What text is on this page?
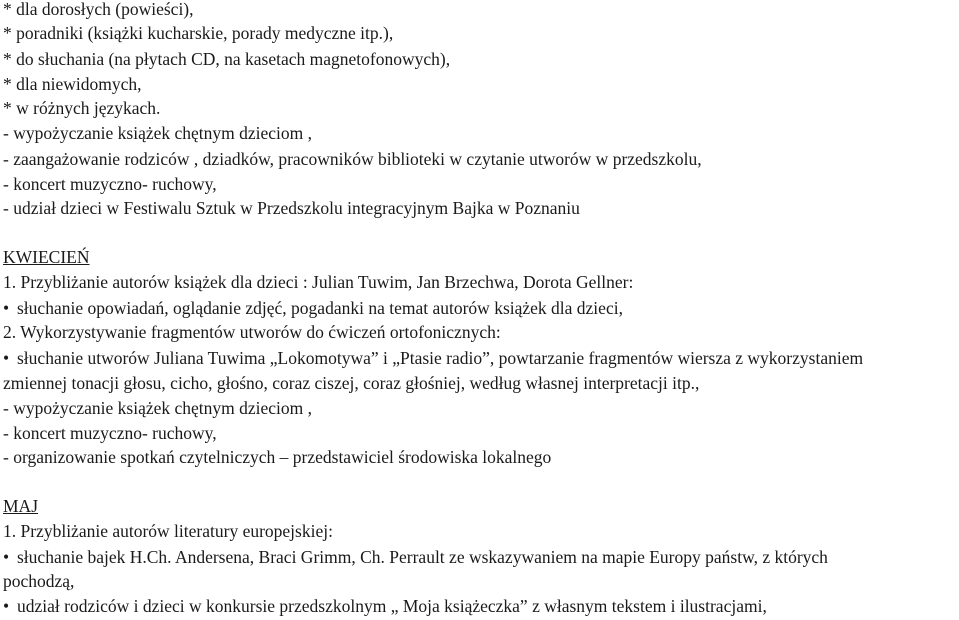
* dla dorosłych (powieści),
* poradniki (książki kucharskie, porady medyczne itp.),
* do słuchania (na płytach CD, na kasetach magnetofonowych),
* dla niewidomych,
* w różnych językach.
- wypożyczanie książek chętnym dzieciom ,
- zaangażowanie rodziców , dziadków, pracowników biblioteki w czytanie utworów w przedszkolu,
- koncert muzyczno- ruchowy,
- udział dzieci w Festiwalu Sztuk w Przedszkolu integracyjnym Bajka w Poznaniu
KWIECIEŃ
1. Przybliżanie autorów książek dla dzieci : Julian Tuwim, Jan Brzechwa, Dorota Gellner:
• słuchanie opowiadań, oglądanie zdjęć, pogadanki na temat autorów książek dla dzieci,
2. Wykorzystywanie fragmentów utworów do ćwiczeń ortofonicznych:
• słuchanie utworów Juliana Tuwima „Lokomotywa” i „Ptasie radio”, powtarzanie fragmentów wiersza z wykorzystaniem
zmiennej tonacji głosu, cicho, głośno, coraz ciszej, coraz głośniej, według własnej interpretacji itp.,
- wypożyczanie książek chętnym dzieciom ,
- koncert muzyczno- ruchowy,
- organizowanie spotkań czytelniczych – przedstawiciel środowiska lokalnego
MAJ
1. Przybliżanie autorów literatury europejskiej:
• słuchanie bajek H.Ch. Andersena, Braci Grimm, Ch. Perrault ze wskazywaniem na mapie Europy państw, z których
pochodzą,
• udział rodziców i dzieci w konkursie przedszkolnym „ Moja książeczka” z własnym tekstem i ilustracjami,
